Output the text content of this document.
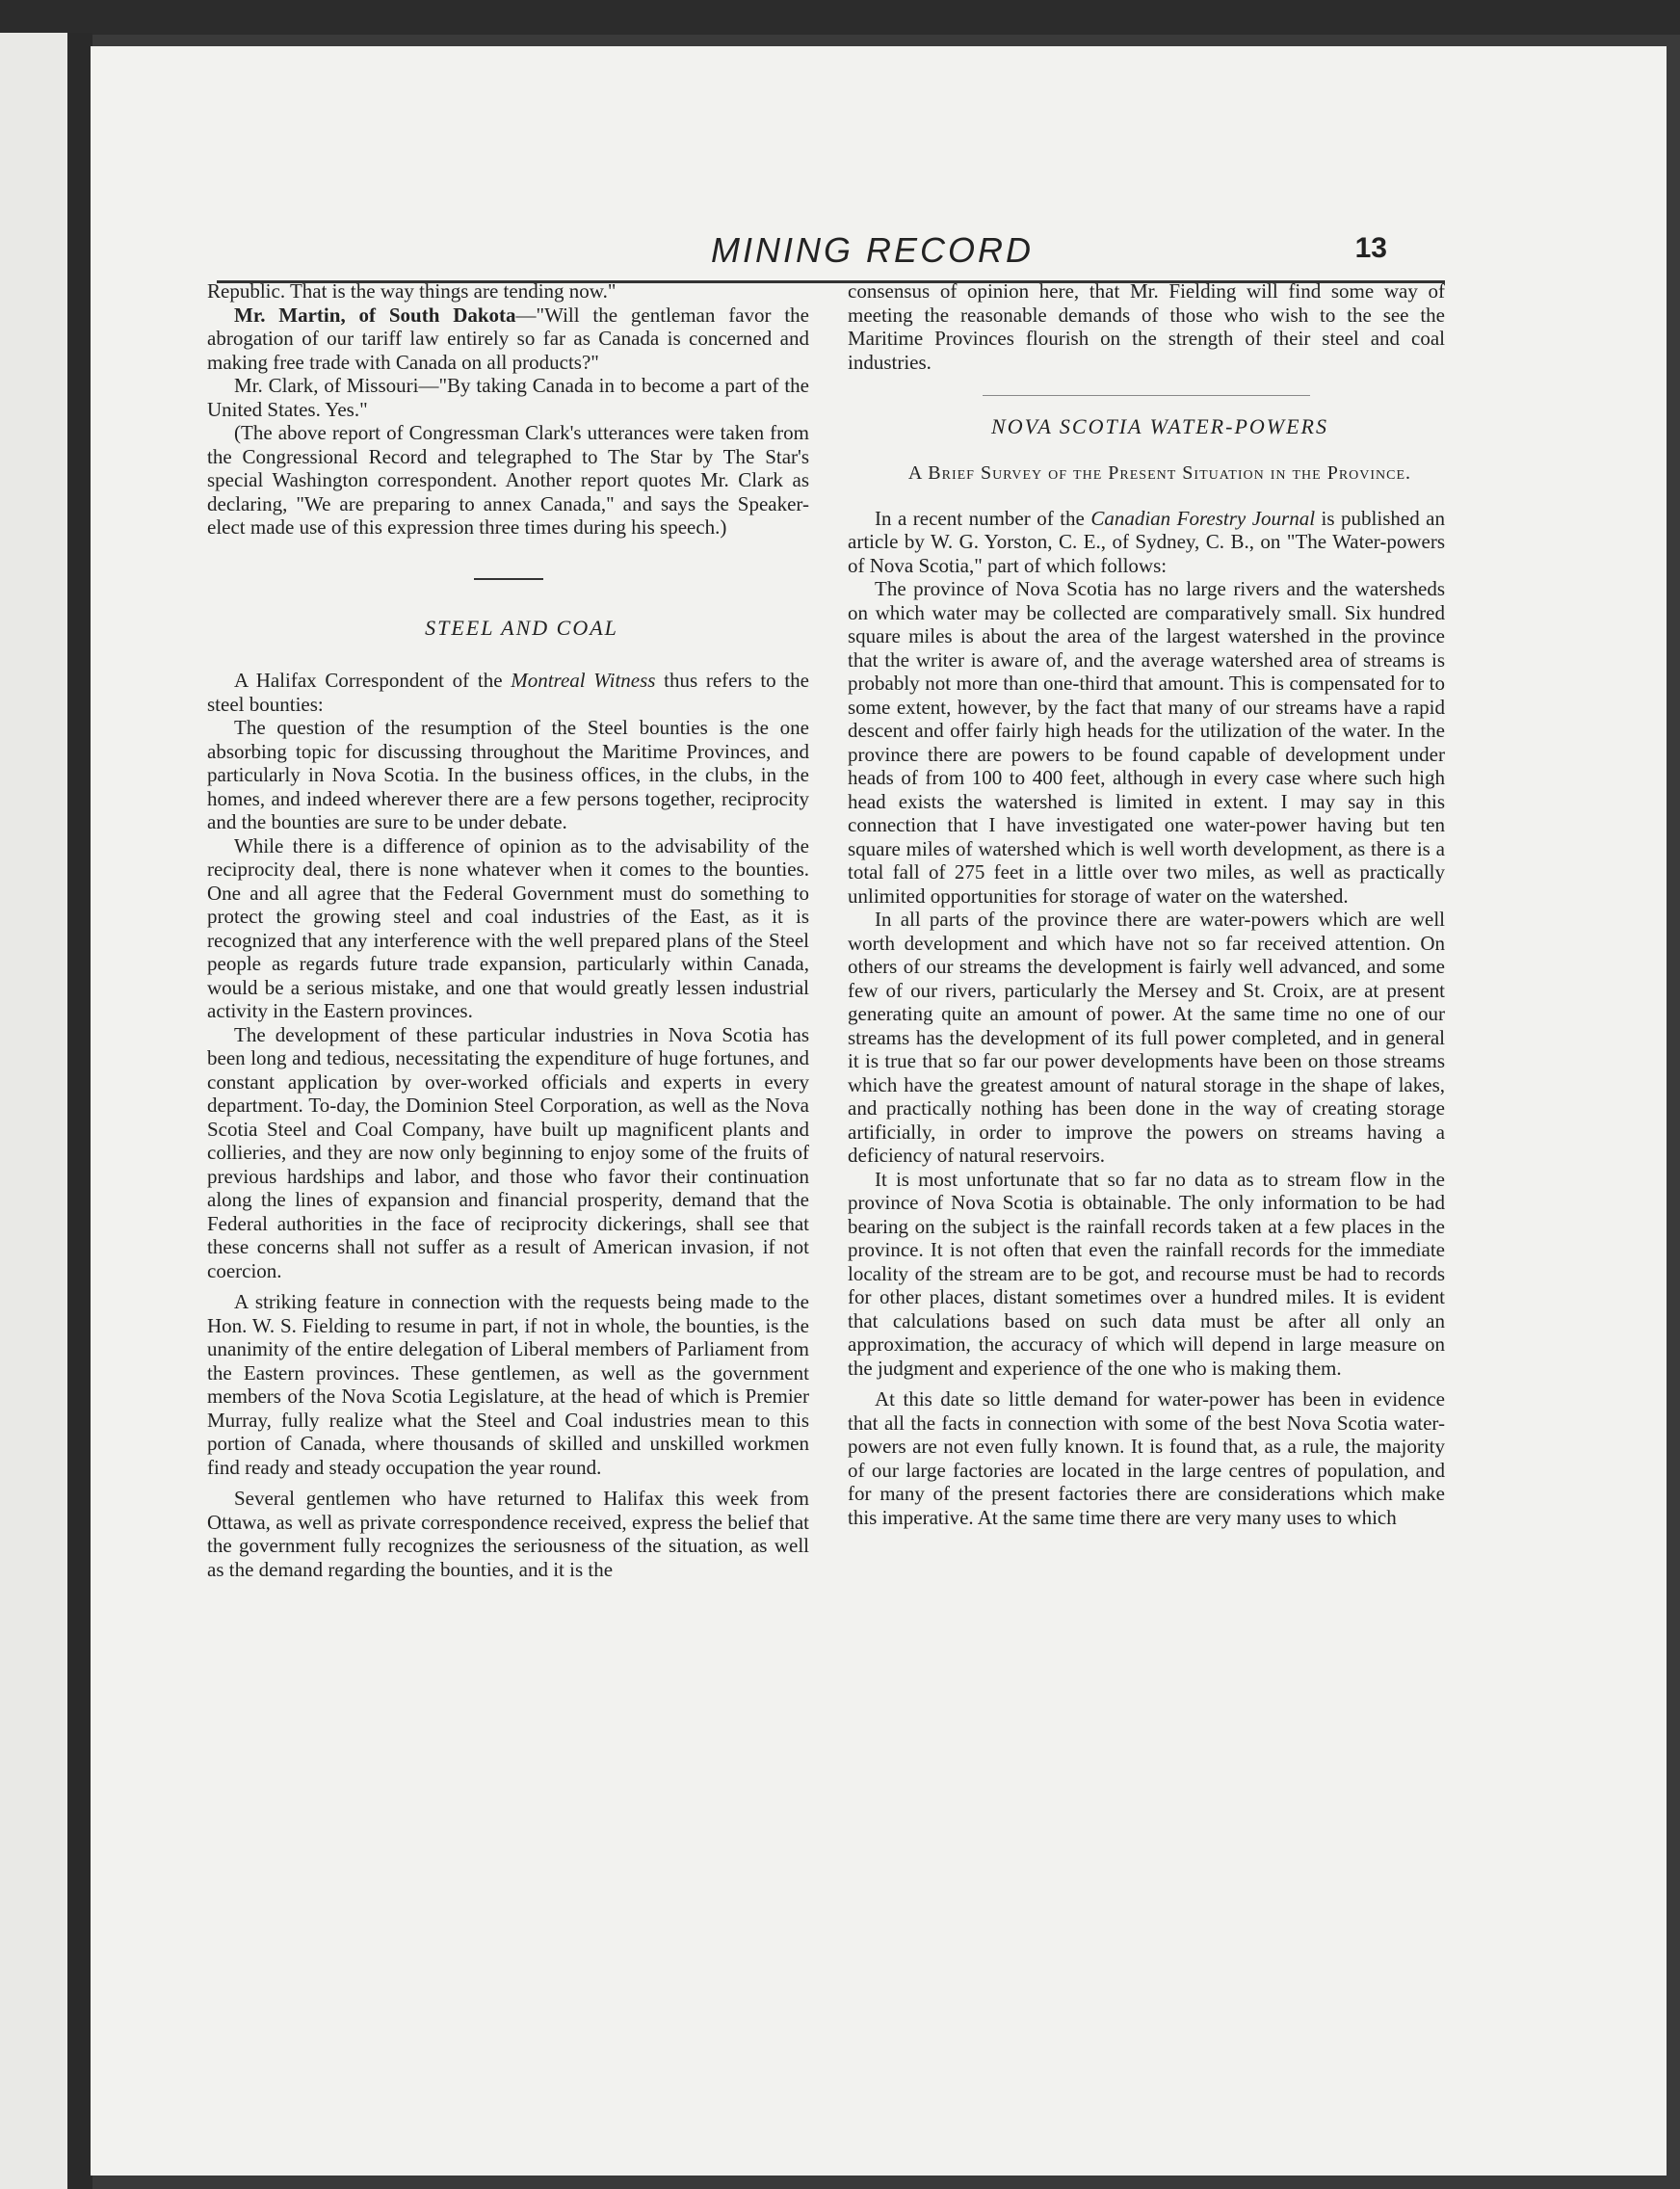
MINING RECORD	13

Republic. That is the way things are tending now."

Mr. Martin, of South Dakota—"Will the gentleman favor the abrogation of our tariff law entirely so far as Canada is concerned and making free trade with Canada on all products?"

Mr. Clark, of Missouri—"By taking Canada in to become a part of the United States. Yes."

(The above report of Congressman Clark's utterances were taken from the Congressional Record and telegraphed to The Star by The Star's special Washington correspondent. Another report quotes Mr. Clark as declaring, "We are preparing to annex Canada," and says the Speaker-elect made use of this expression three times during his speech.)

STEEL AND COAL

A Halifax Correspondent of the Montreal Witness thus refers to the steel bounties:

The question of the resumption of the Steel bounties is the one absorbing topic for discussing throughout the Maritime Provinces, and particularly in Nova Scotia. In the business offices, in the clubs, in the homes, and indeed wherever there are a few persons together, reciprocity and the bounties are sure to be under debate.

While there is a difference of opinion as to the advisability of the reciprocity deal, there is none whatever when it comes to the bounties. One and all agree that the Federal Government must do something to protect the growing steel and coal industries of the East, as it is recognized that any interference with the well prepared plans of the Steel people as regards future trade expansion, particularly within Canada, would be a serious mistake, and one that would greatly lessen industrial activity in the Eastern provinces.

The development of these particular industries in Nova Scotia has been long and tedious, necessitating the expenditure of huge fortunes, and constant application by over-worked officials and experts in every department. To-day, the Dominion Steel Corporation, as well as the Nova Scotia Steel and Coal Company, have built up magnificent plants and collieries, and they are now only beginning to enjoy some of the fruits of previous hardships and labor, and those who favor their continuation along the lines of expansion and financial prosperity, demand that the Federal authorities in the face of reciprocity dickerings, shall see that these concerns shall not suffer as a result of American invasion, if not coercion.

A striking feature in connection with the requests being made to the Hon. W. S. Fielding to resume in part, if not in whole, the bounties, is the unanimity of the entire delegation of Liberal members of Parliament from the Eastern provinces. These gentlemen, as well as the government members of the Nova Scotia Legislature, at the head of which is Premier Murray, fully realize what the Steel and Coal industries mean to this portion of Canada, where thousands of skilled and unskilled workmen find ready and steady occupation the year round.

Several gentlemen who have returned to Halifax this week from Ottawa, as well as private correspondence received, express the belief that the government fully recognizes the seriousness of the situation, as well as the demand regarding the bounties, and it is the

consensus of opinion here, that Mr. Fielding will find some way of meeting the reasonable demands of those who wish to the see the Maritime Provinces flourish on the strength of their steel and coal industries.

NOVA SCOTIA WATER-POWERS

A Brief Survey of the Present Situation in the Province.

In a recent number of the Canadian Forestry Journal is published an article by W. G. Yorston, C. E., of Sydney, C. B., on "The Water-powers of Nova Scotia," part of which follows:

The province of Nova Scotia has no large rivers and the watersheds on which water may be collected are comparatively small. Six hundred square miles is about the area of the largest watershed in the province that the writer is aware of, and the average watershed area of streams is probably not more than one-third that amount. This is compensated for to some extent, however, by the fact that many of our streams have a rapid descent and offer fairly high heads for the utilization of the water. In the province there are powers to be found capable of development under heads of from 100 to 400 feet, although in every case where such high head exists the watershed is limited in extent. I may say in this connection that I have investigated one water-power having but ten square miles of watershed which is well worth development, as there is a total fall of 275 feet in a little over two miles, as well as practically unlimited opportunities for storage of water on the watershed.

In all parts of the province there are water-powers which are well worth development and which have not so far received attention. On others of our streams the development is fairly well advanced, and some few of our rivers, particularly the Mersey and St. Croix, are at present generating quite an amount of power. At the same time no one of our streams has the development of its full power completed, and in general it is true that so far our power developments have been on those streams which have the greatest amount of natural storage in the shape of lakes, and practically nothing has been done in the way of creating storage artificially, in order to improve the powers on streams having a deficiency of natural reservoirs.

It is most unfortunate that so far no data as to stream flow in the province of Nova Scotia is obtainable. The only information to be had bearing on the subject is the rainfall records taken at a few places in the province. It is not often that even the rainfall records for the immediate locality of the stream are to be got, and recourse must be had to records for other places, distant sometimes over a hundred miles. It is evident that calculations based on such data must be after all only an approximation, the accuracy of which will depend in large measure on the judgment and experience of the one who is making them.

At this date so little demand for water-power has been in evidence that all the facts in connection with some of the best Nova Scotia water-powers are not even fully known. It is found that, as a rule, the majority of our large factories are located in the large centres of population, and for many of the present factories there are considerations which make this imperative. At the same time there are very many uses to which
